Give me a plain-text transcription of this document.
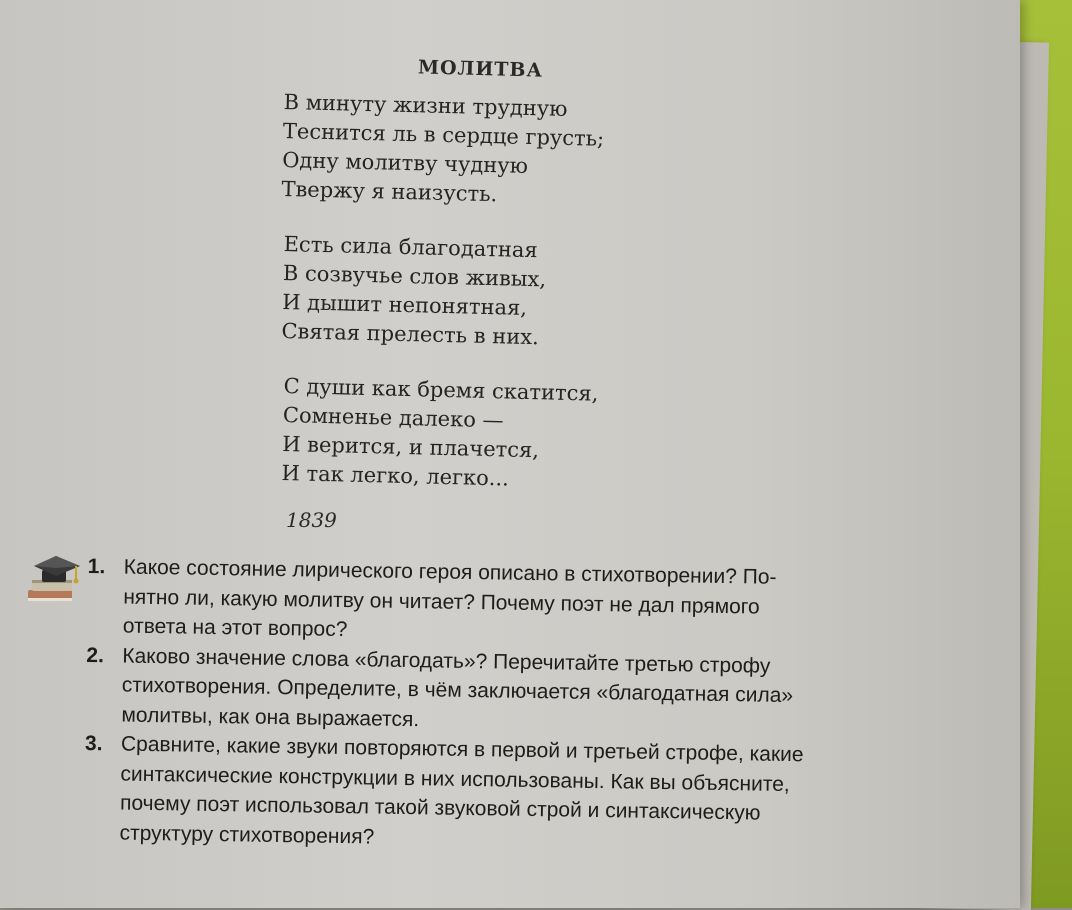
МОЛИТВА
В минуту жизни трудную
Теснится ль в сердце грусть;
Одну молитву чудную
Твержу я наизусть.
Есть сила благодатная
В созвучье слов живых,
И дышит непонятная,
Святая прелесть в них.
С души как бремя скатится,
Сомненье далеко —
И верится, и плачется,
И так легко, легко...
1839
1. Какое состояние лирического героя описано в стихотворении? По-
нятно ли, какую молитву он читает? Почему поэт не дал прямого
ответа на этот вопрос?
2. Каково значение слова «благодать»? Перечитайте третью строфу
стихотворения. Определите, в чём заключается «благодатная сила»
молитвы, как она выражается.
3. Сравните, какие звуки повторяются в первой и третьей строфе, какие
синтаксические конструкции в них использованы. Как вы объясните,
почему поэт использовал такой звуковой строй и синтаксическую
структуру стихотворения?
